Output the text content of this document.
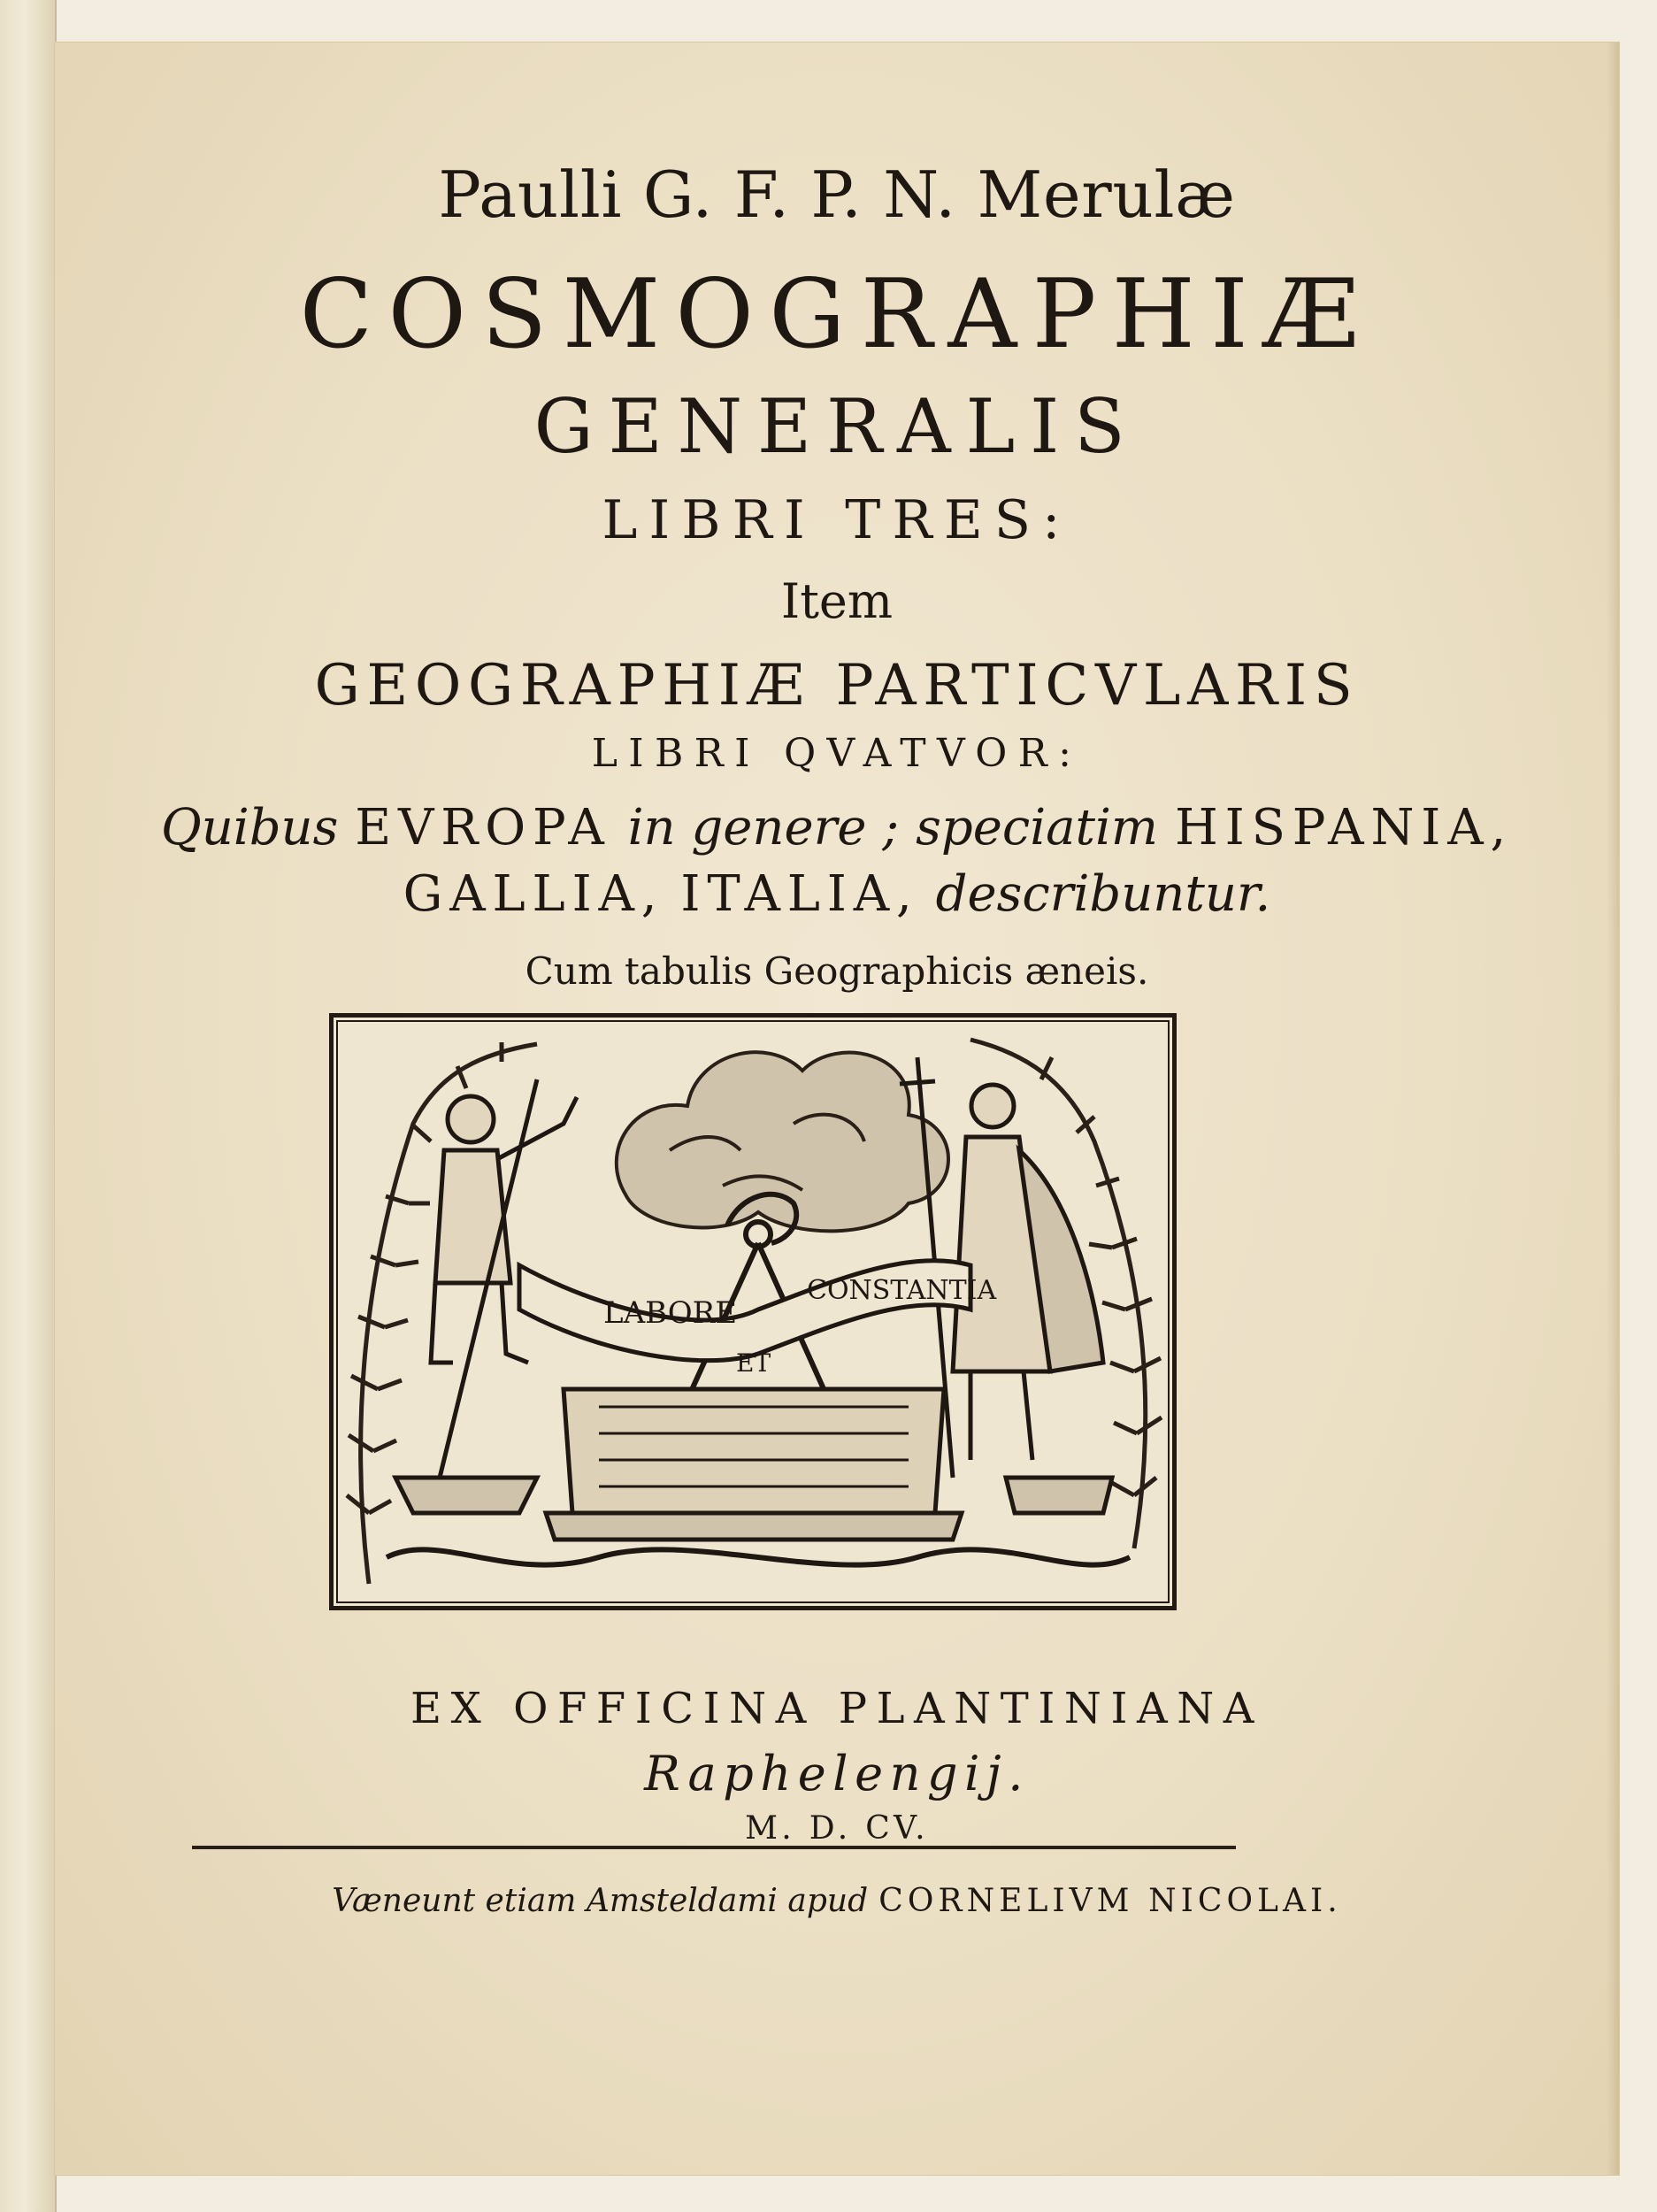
Paulli G. F. P. N. Merulæ

COSMOGRAPHIÆ

GENERALIS

LIBRI TRES:

Item

GEOGRAPHIÆ PARTICVLARIS

LIBRI QVATVOR:

Quibus EVROPA in genere ; speciatim HISPANIA,

GALLIA, ITALIA, describuntur.

Cum tabulis Geographicis æneis.

LABORE
ET
CONSTANTIA

EX OFFICINA PLANTINIANA

Raphelengij.

M. D. CV.

Væneunt etiam Amsteldami apud CORNELIVM NICOLAI.
